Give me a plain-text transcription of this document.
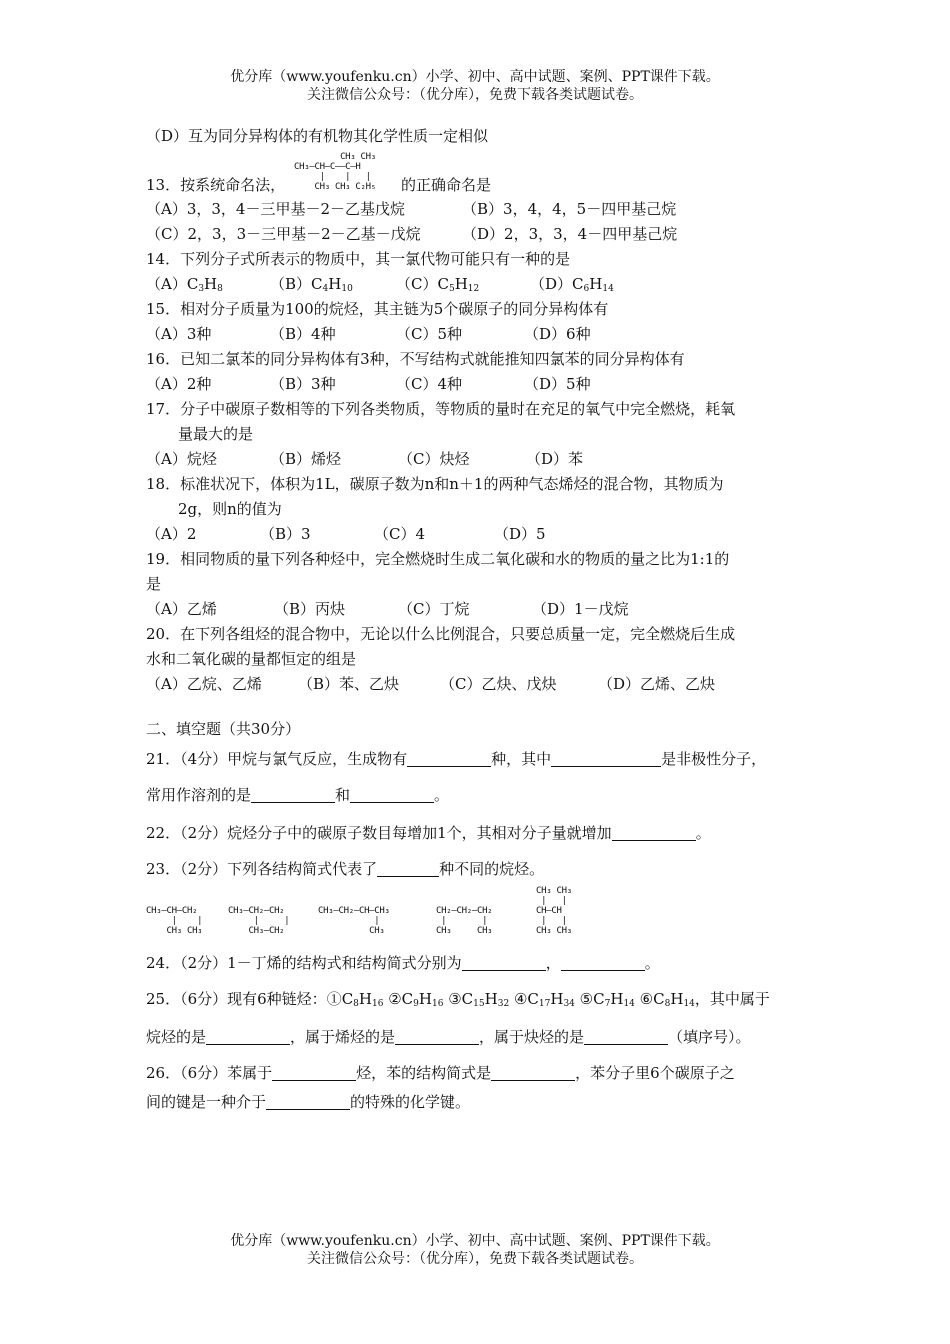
优分库（www.youfenku.cn）小学、初中、高中试题、案例、PPT课件下载。
关注微信公众号：（优分库），免费下载各类试题试卷。
（D）互为同分异构体的有机物其化学性质一定相似
13．按系统命名法，
CH₃ CH₃
CH₃—CH—C——C—H
|    |   |
CH₃ CH₃ C₂H₅ 的正确命名是
（A）3，3，4－三甲基－2－乙基戊烷	（B）3，4，4，5－四甲基己烷
（C）2，3，3－三甲基－2－乙基－戊烷	（D）2，3，3，4－四甲基己烷
14．下列分子式所表示的物质中，其一氯代物可能只有一种的是
$(A)C_3H_8$	$(B)C_4H_{10}$	$(C)C_5H_{12}$	$(D)C_6H_{14}$
15．相对分子质量为100的烷烃，其主链为5个碳原子的同分异构体有
（A）3种	（B）4种	（C）5种	（D）6种
16．已知二氯苯的同分异构体有3种，不写结构式就能推知四氯苯的同分异构体有
（A）2种	（B）3种	（C）4种	（D）5种
17．分子中碳原子数相等的下列各类物质，等物质的量时在充足的氧气中完全燃烧，耗氧
量最大的是
（A）烷烃	（B）烯烃	（C）炔烃	（D）苯
18．标准状况下，体积为1L，碳原子数为n和n＋1的两种气态烯烃的混合物，其物质为
2g，则n的值为
（A）2	（B）3	（C）4	（D）5
19．相同物质的量下列各种烃中，完全燃烧时生成二氧化碳和水的物质的量之比为1:1的
是
（A）乙烯	（B）丙炔	（C）丁烷	（D）1－戊烷
20．在下列各组烃的混合物中，无论以什么比例混合，只要总质量一定，完全燃烧后生成
水和二氧化碳的量都恒定的组是
（A）乙烷、乙烯 （B）苯、乙炔	（C）乙炔、戊炔	（D）乙烯、乙炔
二、填空题（共30分）
21．（4分）甲烷与氯气反应，生成物有	种，其中	是非极性分子，
常用作溶剂的是	和	。
22．（2分）烷烃分子中的碳原子数目每增加1个，其相对分子量就增加	。
23．（2分）下列各结构简式代表了	种不同的烷烃。
CH₃—CH—CH₂
|    |
CH₃ CH₃
CH₃—CH₂—CH₂
|     |
CH₃—CH₂
CH₃—CH₂—CH—CH₃
|
CH₃
CH₂—CH₂—CH₂
|       |
CH₃     CH₃
CH₃ CH₃
|   |
CH—CH
|   |
CH₃ CH₃
24．（2分）1－丁烯的结构式和结构简式分别为	，	。
25．（6分）现有6种链烃：$①C_8H_{16}$ $②C_9H_{16}$ $③C_{15}H_{32}$ $④C_{17}H_{34}$ $⑤C_7H_{14}$ $⑥C_8H_{14}$，其中属于
烷烃的是	，属于烯烃的是	，属于炔烃的是	（填序号）。
26．（6分）苯属于	烃，苯的结构简式是	，苯分子里6个碳原子之
间的键是一种介于	的特殊的化学键。
优分库（www.youfenku.cn）小学、初中、高中试题、案例、PPT课件下载。
关注微信公众号：（优分库），免费下载各类试题试卷。
